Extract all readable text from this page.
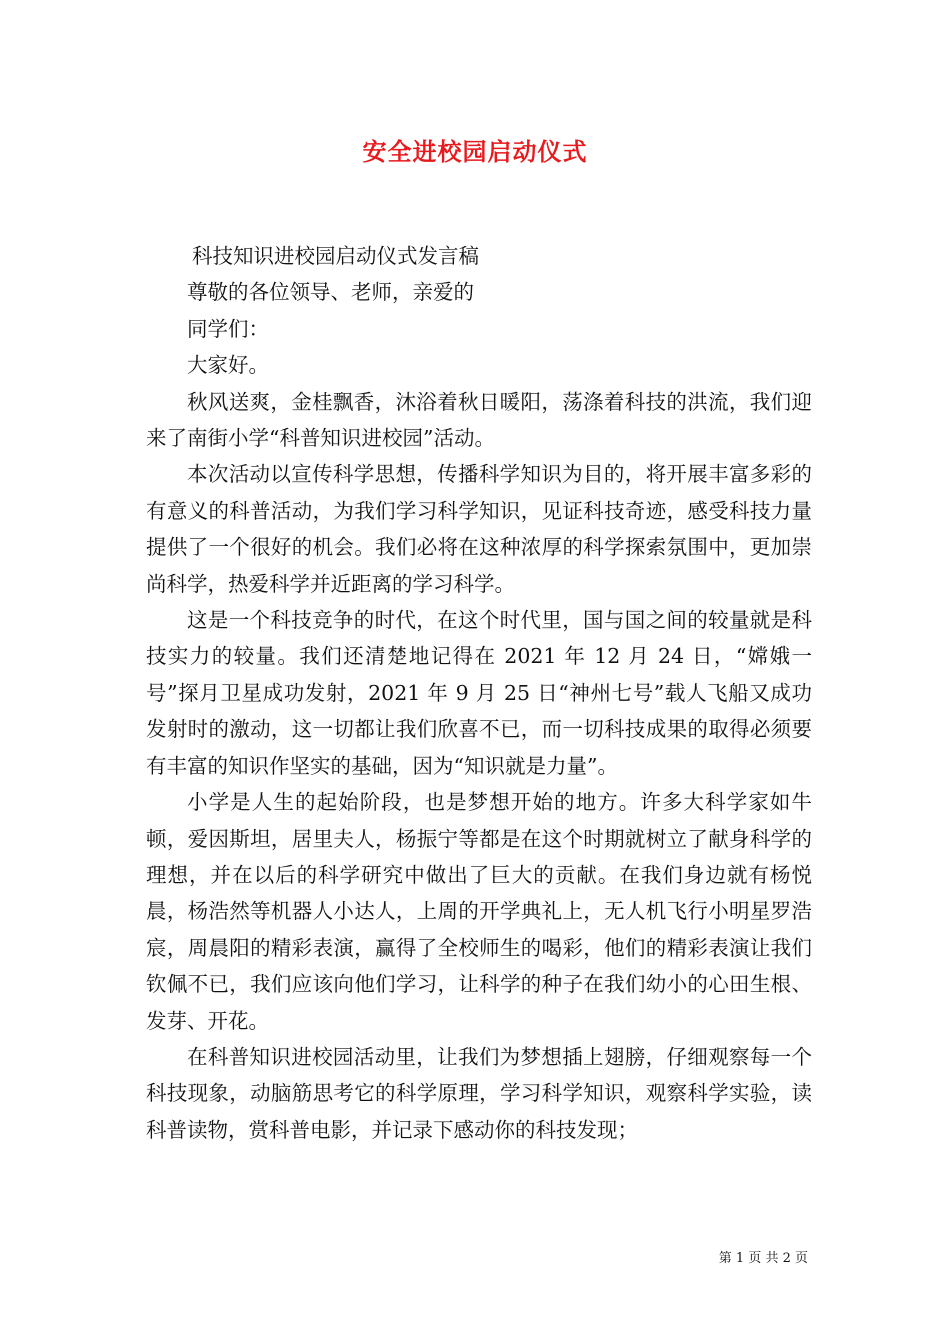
安全进校园启动仪式

科技知识进校园启动仪式发言稿

尊敬的各位领导、老师，亲爱的

同学们：

大家好。

秋风送爽，金桂飘香，沐浴着秋日暖阳，荡涤着科技的洪流，我们迎来了南街小学“科普知识进校园”活动。

本次活动以宣传科学思想，传播科学知识为目的，将开展丰富多彩的有意义的科普活动，为我们学习科学知识，见证科技奇迹，感受科技力量提供了一个很好的机会。我们必将在这种浓厚的科学探索氛围中，更加崇尚科学，热爱科学并近距离的学习科学。

这是一个科技竞争的时代，在这个时代里，国与国之间的较量就是科技实力的较量。我们还清楚地记得在 2021 年 12 月 24 日，“嫦娥一号”探月卫星成功发射，2021 年 9 月 25 日“神州七号”载人飞船又成功发射时的激动，这一切都让我们欣喜不已，而一切科技成果的取得必须要有丰富的知识作坚实的基础，因为“知识就是力量”。

小学是人生的起始阶段，也是梦想开始的地方。许多大科学家如牛顿，爱因斯坦，居里夫人，杨振宁等都是在这个时期就树立了献身科学的理想，并在以后的科学研究中做出了巨大的贡献。在我们身边就有杨悦晨，杨浩然等机器人小达人，上周的开学典礼上，无人机飞行小明星罗浩宸，周晨阳的精彩表演，赢得了全校师生的喝彩，他们的精彩表演让我们钦佩不已，我们应该向他们学习，让科学的种子在我们幼小的心田生根、发芽、开花。

在科普知识进校园活动里，让我们为梦想插上翅膀，仔细观察每一个科技现象，动脑筋思考它的科学原理，学习科学知识，观察科学实验，读科普读物，赏科普电影，并记录下感动你的科技发现；

第 1 页 共 2 页
